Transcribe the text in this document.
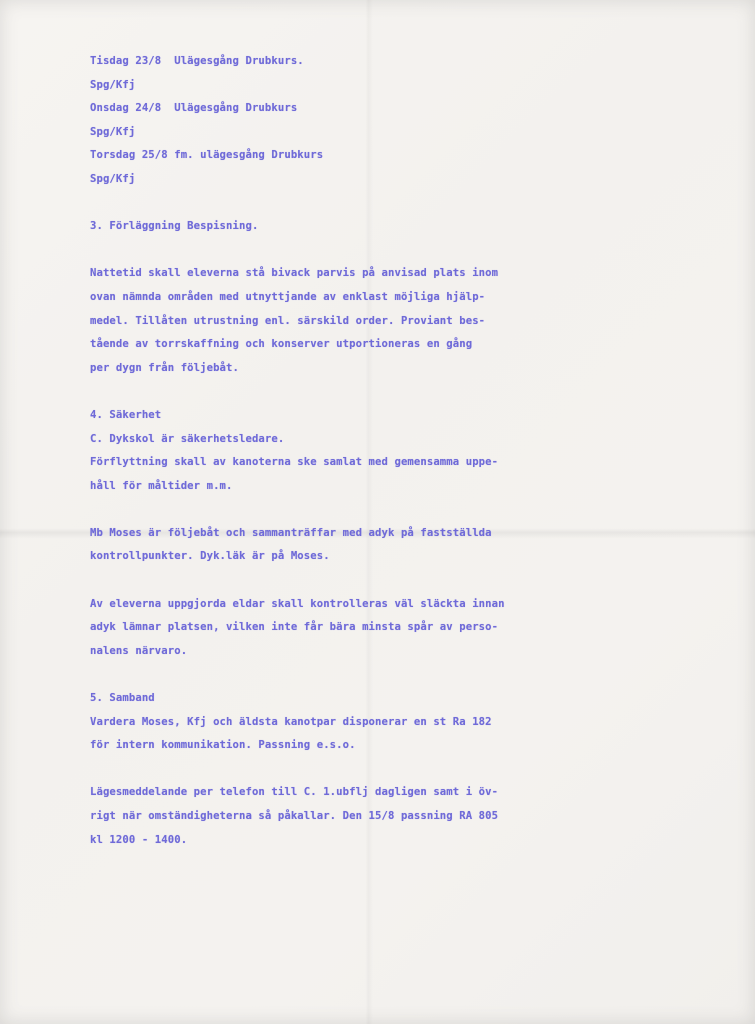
Tisdag 23/8  Ulägesgång Drubkurs.
Spg/Kfj
Onsdag 24/8  Ulägesgång Drubkurs
Spg/Kfj
Torsdag 25/8 fm. ulägesgång Drubkurs
Spg/Kfj
3. Förläggning Bespisning.
Nattetid skall eleverna stå bivack parvis på anvisad plats inom
ovan nämnda områden med utnyttjande av enklast möjliga hjälp-
medel. Tillåten utrustning enl. särskild order. Proviant bes-
tående av torrskaffning och konserver utportioneras en gång
per dygn från följebåt.
4. Säkerhet
C. Dykskol är säkerhetsledare.
Förflyttning skall av kanoterna ske samlat med gemensamma uppe-
håll för måltider m.m.
Mb Moses är följebåt och sammanträffar med adyk på fastställda
kontrollpunkter. Dyk.läk är på Moses.
Av eleverna uppgjorda eldar skall kontrolleras väl släckta innan
adyk lämnar platsen, vilken inte får bära minsta spår av perso-
nalens närvaro.
5. Samband
Vardera Moses, Kfj och äldsta kanotpar disponerar en st Ra 182
för intern kommunikation. Passning e.s.o.
Lägesmeddelande per telefon till C. 1.ubflj dagligen samt i öv-
rigt när omständigheterna så påkallar. Den 15/8 passning RA 805
kl 1200 - 1400.
